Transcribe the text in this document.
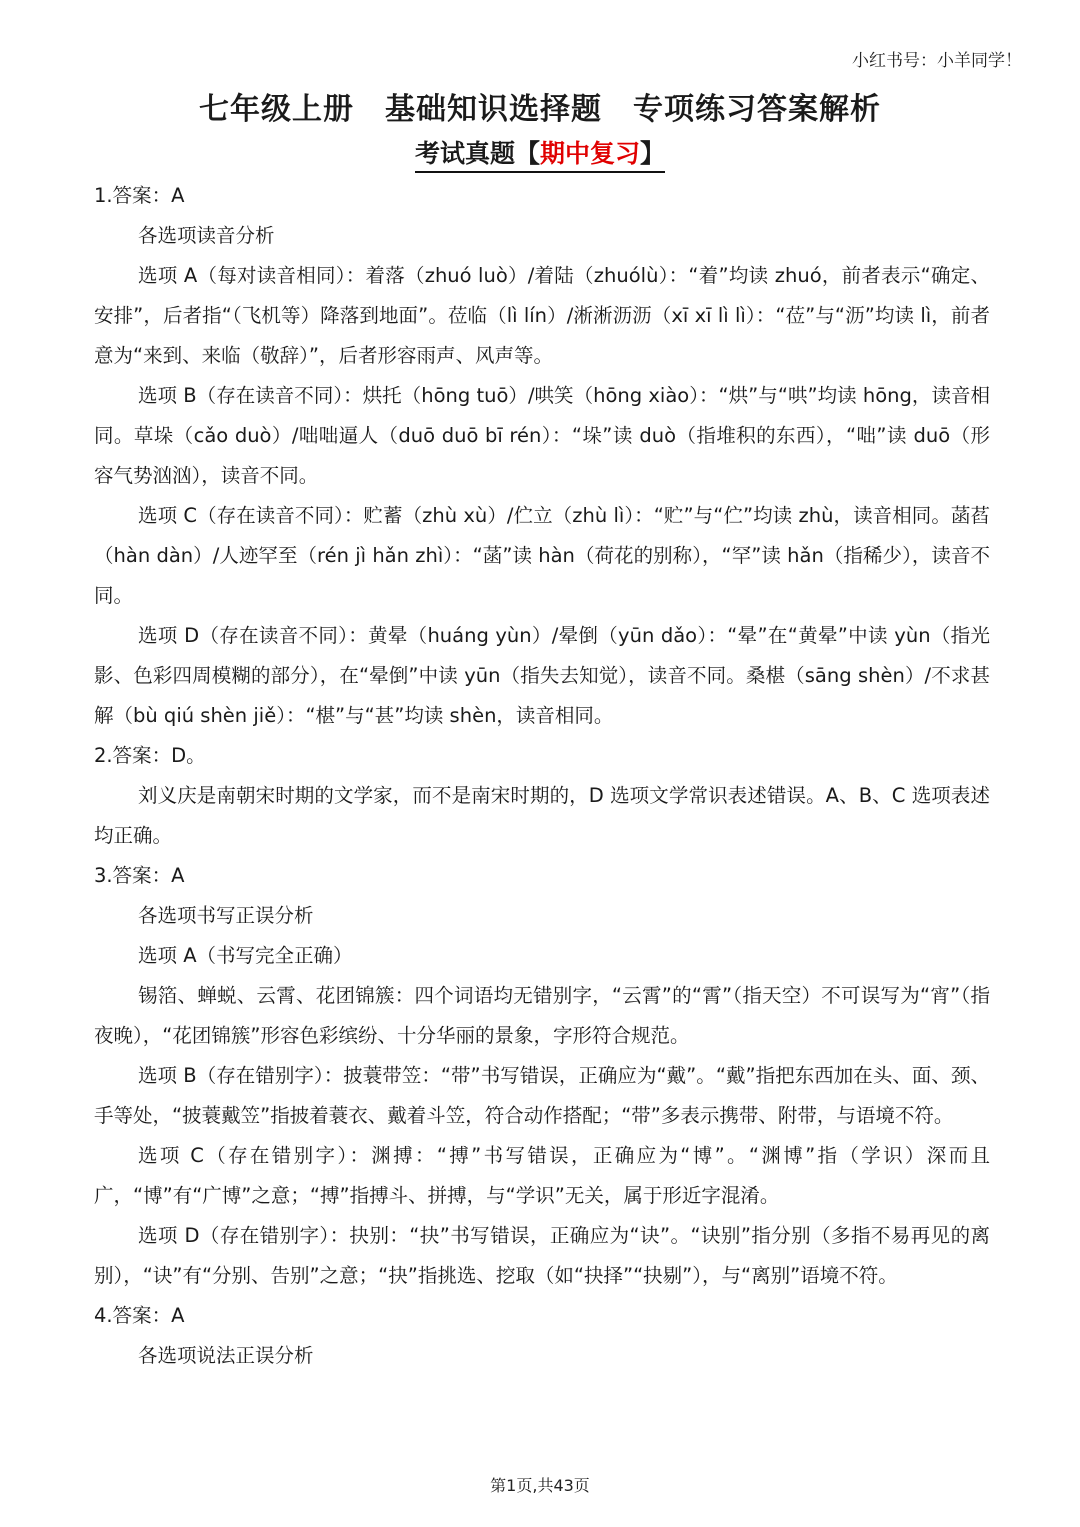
小红书号：小羊同学！
七年级上册　基础知识选择题　专项练习答案解析
考试真题【期中复习】

1.答案：A

各选项读音分析

选项 A（每对读音相同）：着落（zhuó luò）/着陆（zhuólù）：“着”均读 zhuó，前者表示“确定、安排”，后者指“（飞机等）降落到地面”。莅临（lì lín）/淅淅沥沥（xī xī lì lì）：“莅”与“沥”均读 lì，前者意为“来到、来临（敬辞）”，后者形容雨声、风声等。

选项 B（存在读音不同）：烘托（hōng tuō）/哄笑（hōng xiào）：“烘”与“哄”均读 hōng，读音相同。草垛（cǎo duò）/咄咄逼人（duō duō bī rén）：“垛”读 duò（指堆积的东西），“咄”读 duō（形容气势汹汹），读音不同。

选项 C（存在读音不同）：贮蓄（zhù xù）/伫立（zhù lì）：“贮”与“伫”均读 zhù，读音相同。菡萏（hàn dàn）/人迹罕至（rén jì hǎn zhì）：“菡”读 hàn（荷花的别称），“罕”读 hǎn（指稀少），读音不同。

选项 D（存在读音不同）：黄晕（huáng yùn）/晕倒（yūn dǎo）：“晕”在“黄晕”中读 yùn（指光影、色彩四周模糊的部分），在“晕倒”中读 yūn（指失去知觉），读音不同。桑椹（sāng shèn）/不求甚解（bù qiú shèn jiě）：“椹”与“甚”均读 shèn，读音相同。

2.答案：D。

刘义庆是南朝宋时期的文学家，而不是南宋时期的，D 选项文学常识表述错误。A、B、C 选项表述均正确。

3.答案：A

各选项书写正误分析

选项 A（书写完全正确）

锡箔、蝉蜕、云霄、花团锦簇：四个词语均无错别字，“云霄”的“霄”（指天空）不可误写为“宵”（指夜晚），“花团锦簇”形容色彩缤纷、十分华丽的景象，字形符合规范。

选项 B（存在错别字）：披蓑带笠：“带”书写错误，正确应为“戴”。“戴”指把东西加在头、面、颈、手等处，“披蓑戴笠”指披着蓑衣、戴着斗笠，符合动作搭配；“带”多表示携带、附带，与语境不符。

选项 C（存在错别字）：渊搏：“搏”书写错误，正确应为“博”。“渊博”指（学识）深而且广，“博”有“广博”之意；“搏”指搏斗、拼搏，与“学识”无关，属于形近字混淆。

选项 D（存在错别字）：抉别：“抉”书写错误，正确应为“诀”。“诀别”指分别（多指不易再见的离别），“诀”有“分别、告别”之意；“抉”指挑选、挖取（如“抉择”“抉剔”），与“离别”语境不符。

4.答案：A

各选项说法正误分析

第1页,共43页
